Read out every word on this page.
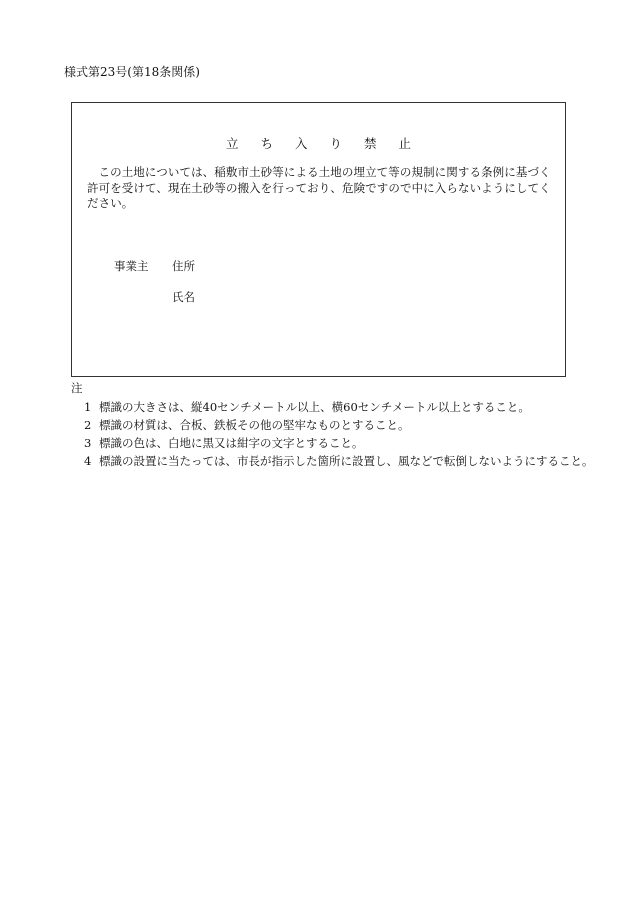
様式第23号(第18条関係)
立ち入り禁止
この土地については、稲敷市土砂等による土地の埋立て等の規制に関する条例に基づく許可を受けて、現在土砂等の搬入を行っており、危険ですので中に入らないようにしてください。
事業主 住所
氏名
注
1 標識の大きさは、縦40センチメートル以上、横60センチメートル以上とすること。
2 標識の材質は、合板、鉄板その他の堅牢なものとすること。
3 標識の色は、白地に黒又は紺字の文字とすること。
4 標識の設置に当たっては、市長が指示した箇所に設置し、風などで転倒しないようにすること。
